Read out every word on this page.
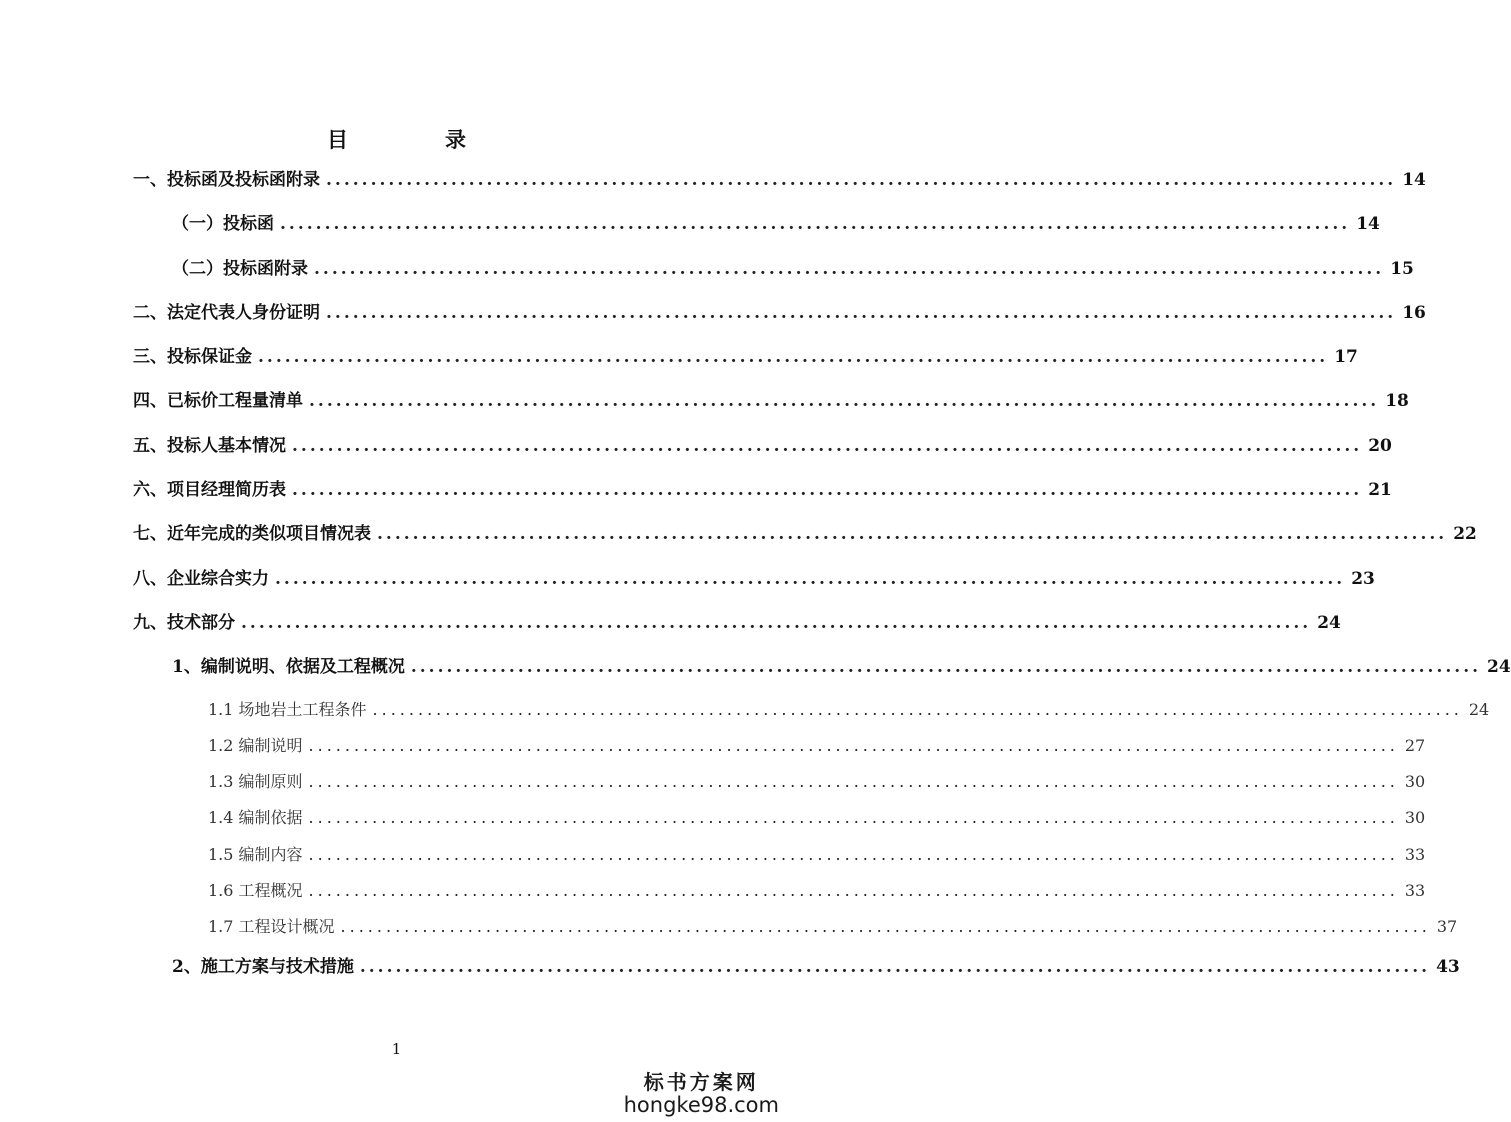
目　录
一、投标函及投标函附录 ........................................................................................................................ 14
（一）投标函 ........................................................................................................................ 14
（二）投标函附录 ........................................................................................................................ 15
二、法定代表人身份证明 ........................................................................................................................ 16
三、投标保证金 ........................................................................................................................ 17
四、已标价工程量清单 ........................................................................................................................ 18
五、投标人基本情况 ........................................................................................................................ 20
六、项目经理简历表 ........................................................................................................................ 21
七、近年完成的类似项目情况表 ........................................................................................................................ 22
八、企业综合实力 ........................................................................................................................ 23
九、技术部分 ........................................................................................................................ 24
1、编制说明、依据及工程概况 ........................................................................................................................ 24
1.1 场地岩土工程条件 ........................................................................................................................ 24
1.2 编制说明 ........................................................................................................................ 27
1.3 编制原则 ........................................................................................................................ 30
1.4 编制依据 ........................................................................................................................ 30
1.5 编制内容 ........................................................................................................................ 33
1.6 工程概况 ........................................................................................................................ 33
1.7 工程设计概况 ........................................................................................................................ 37
2、施工方案与技术措施 ........................................................................................................................ 43
1
标书方案网
hongke98.com
